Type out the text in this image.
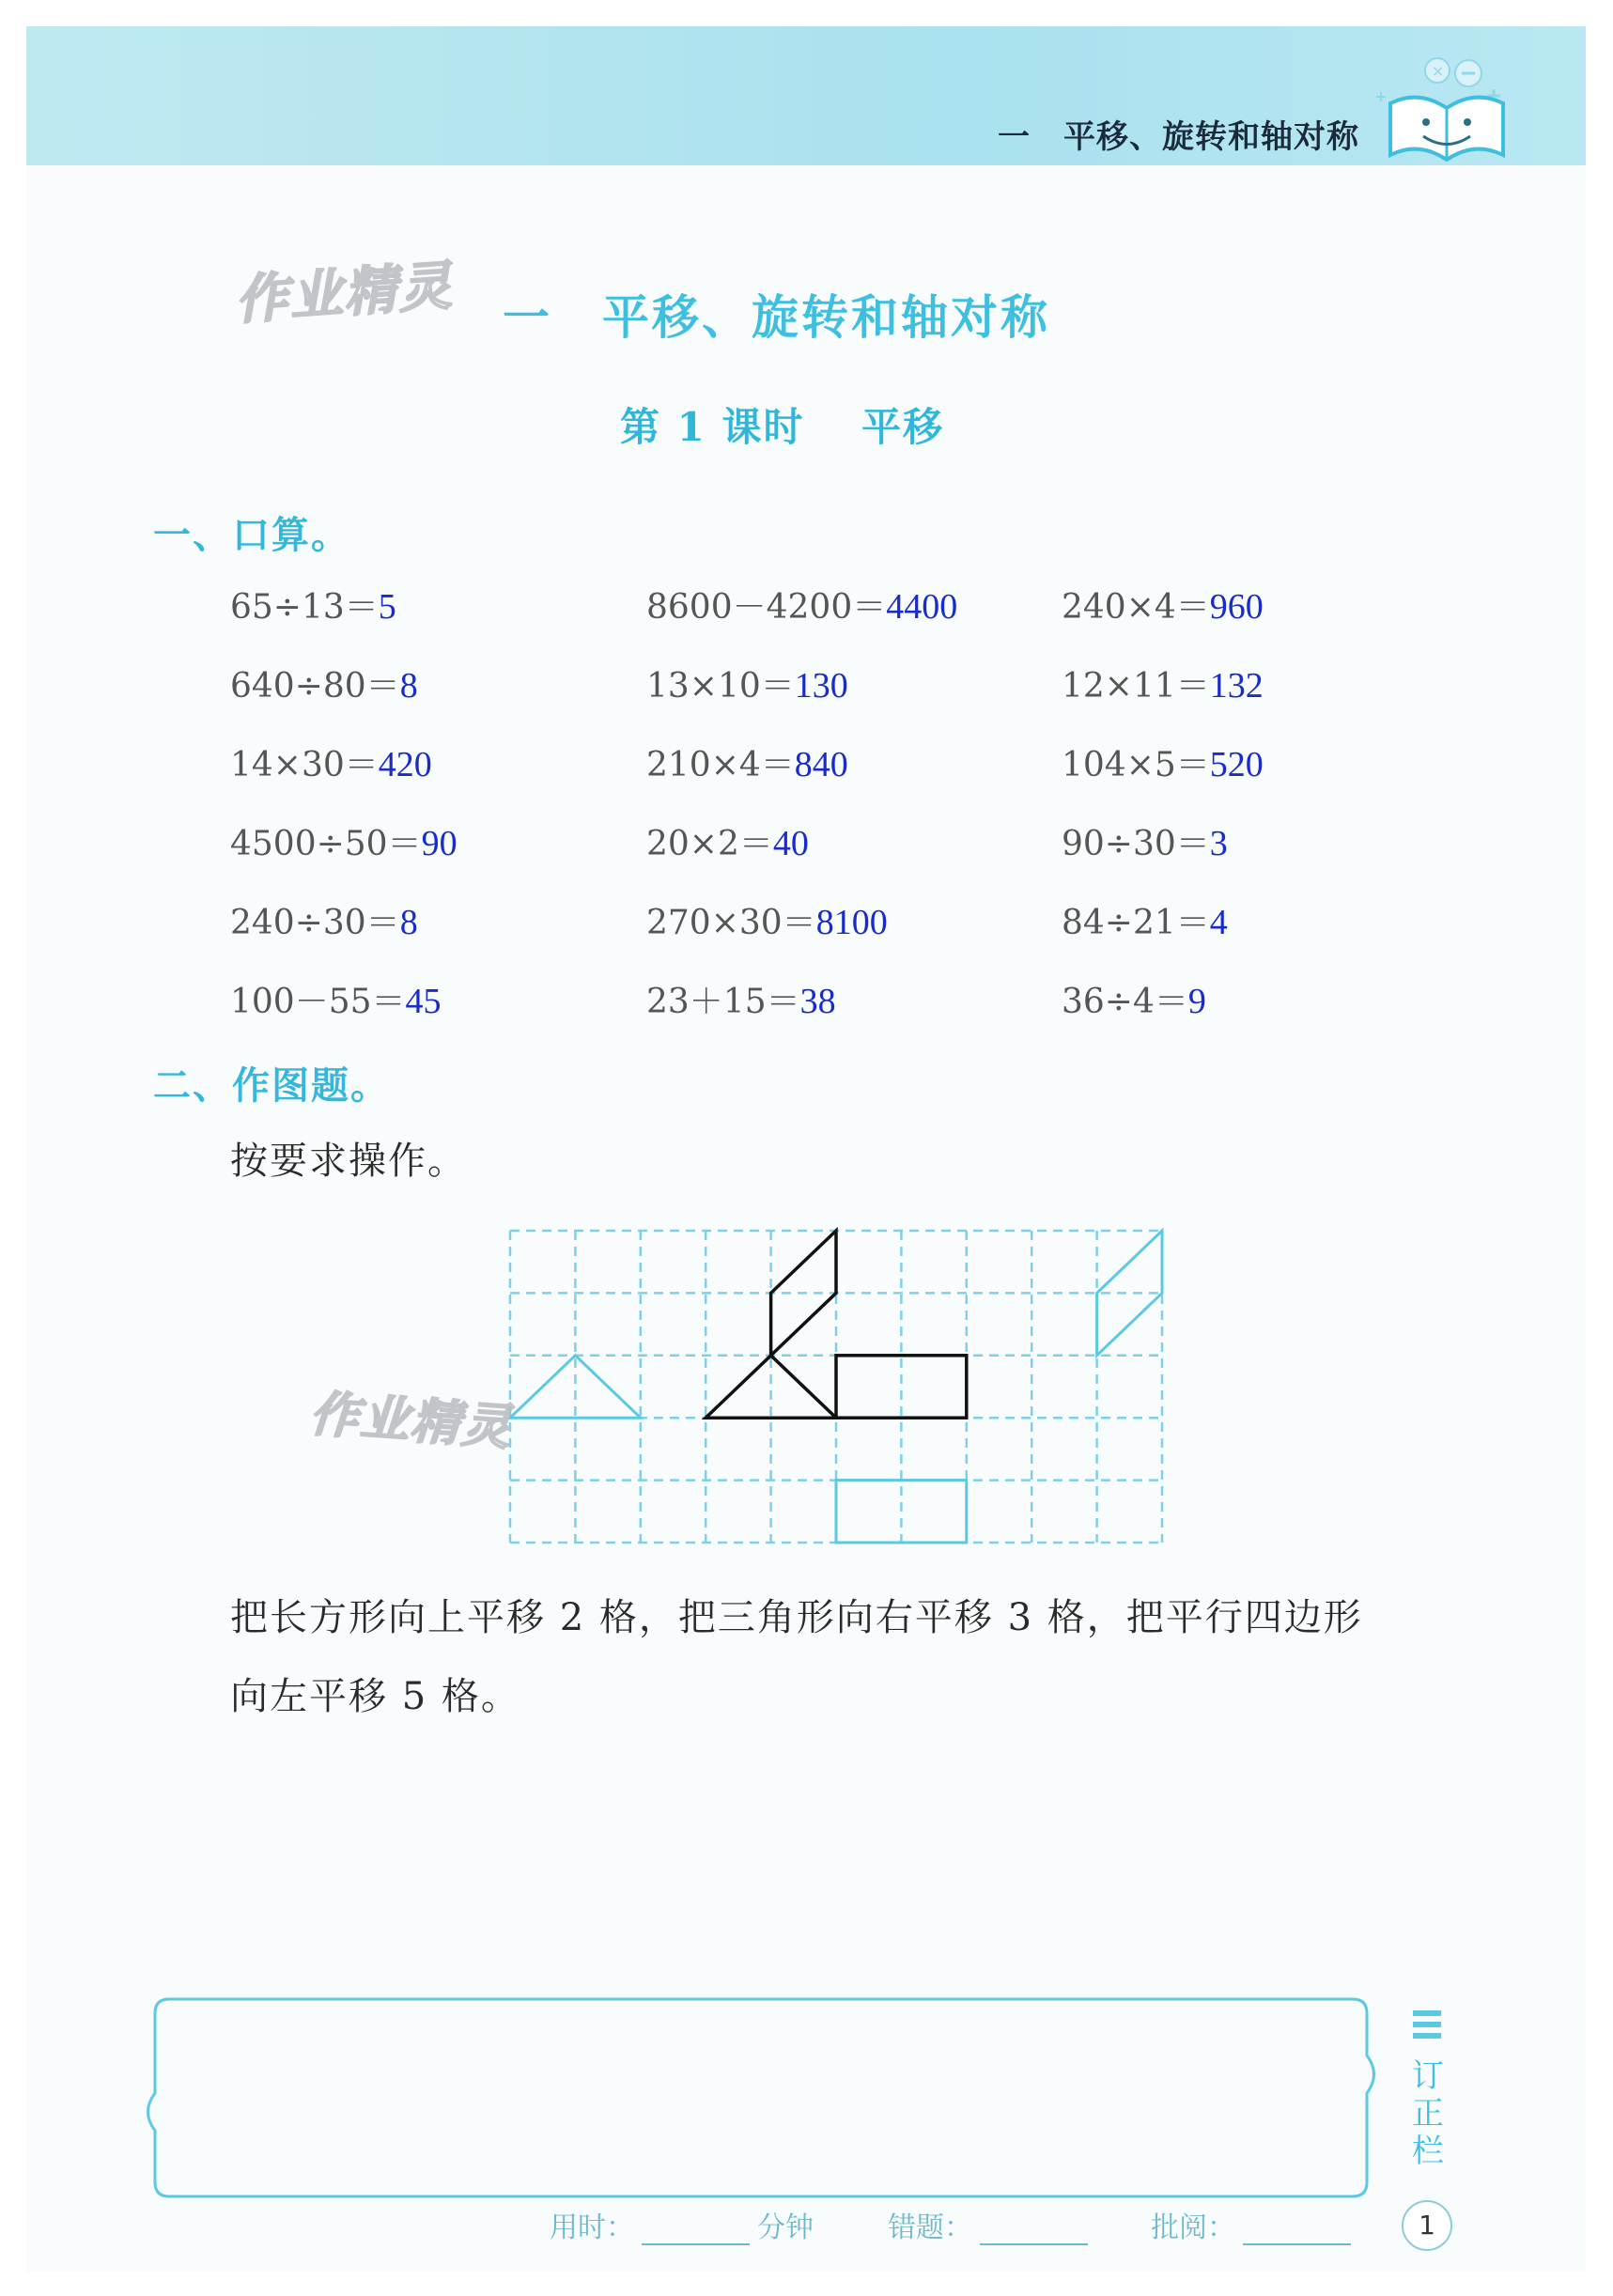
一　平移、旋转和轴对称
×
作业精灵 一　平移、旋转和轴对称
第 1 课时　 平移
一、口算。
65÷13＝5	8600－4200＝4400	240×4＝960
640÷80＝8	13×10＝130	12×11＝132
14×30＝420	210×4＝840	104×5＝520
4500÷50＝90	20×2＝40	90÷30＝3
240÷30＝8	270×30＝8100	84÷21＝4
100－55＝45	23＋15＝38	36÷4＝9
二、作图题。
按要求操作。
作业精灵
把长方形向上平移 2 格，把三角形向右平移 3 格，把平行四边形
向左平移 5 格。
订正栏
用时：	分钟	错题：	批阅：	1
